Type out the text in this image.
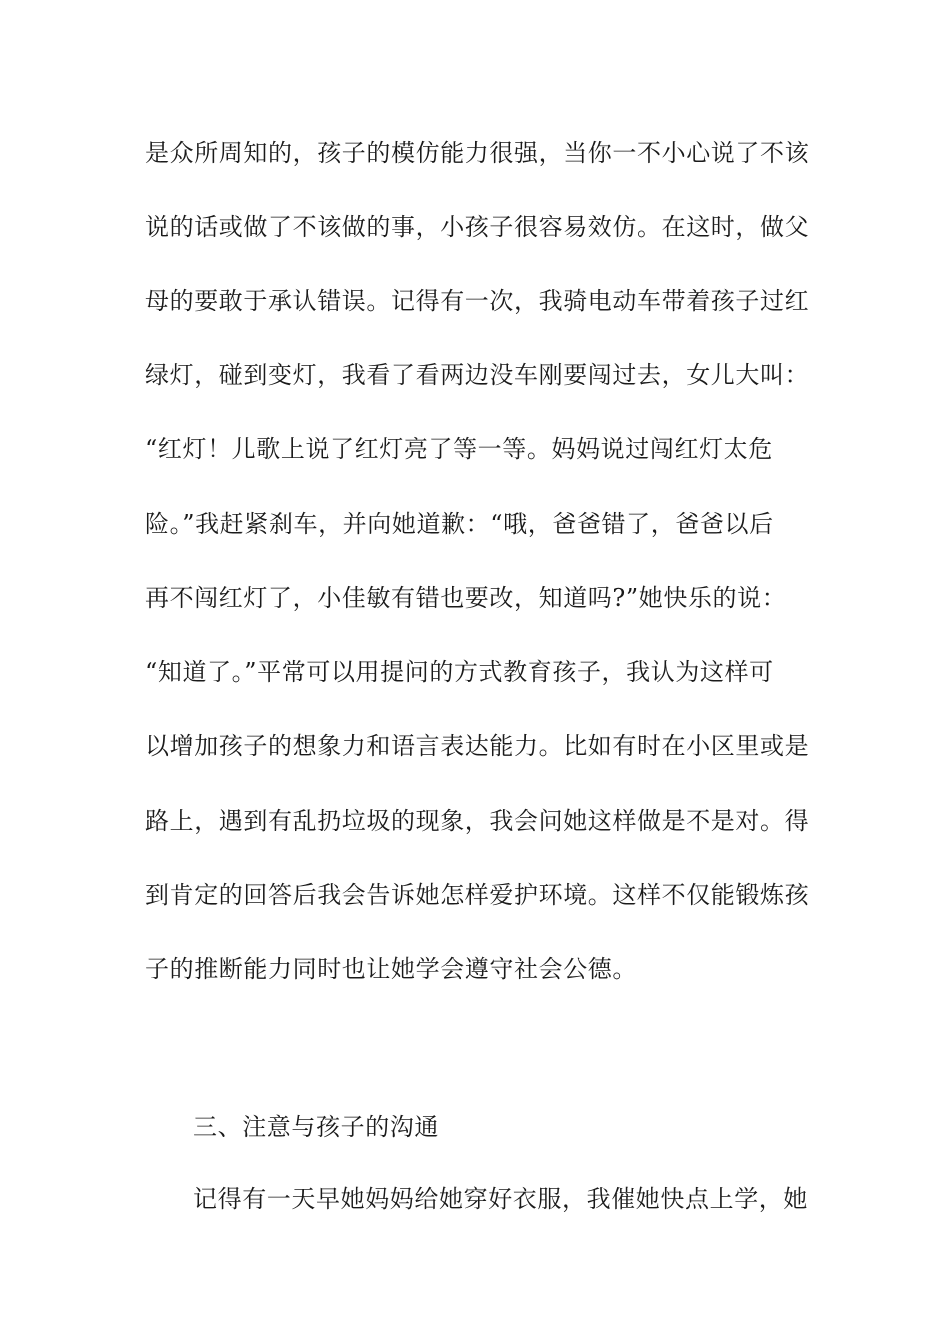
是众所周知的，孩子的模仿能力很强，当你一不小心说了不该
说的话或做了不该做的事，小孩子很容易效仿。在这时，做父
母的要敢于承认错误。记得有一次，我骑电动车带着孩子过红
绿灯，碰到变灯，我看了看两边没车刚要闯过去，女儿大叫：
“红灯！儿歌上说了红灯亮了等一等。妈妈说过闯红灯太危
险。”我赶紧刹车，并向她道歉：“哦，爸爸错了，爸爸以后
再不闯红灯了，小佳敏有错也要改，知道吗?”她快乐的说：
“知道了。”平常可以用提问的方式教育孩子，我认为这样可
以增加孩子的想象力和语言表达能力。比如有时在小区里或是
路上，遇到有乱扔垃圾的现象，我会问她这样做是不是对。得
到肯定的回答后我会告诉她怎样爱护环境。这样不仅能锻炼孩
子的推断能力同时也让她学会遵守社会公德。
三、注意与孩子的沟通
记得有一天早她妈妈给她穿好衣服，我催她快点上学，她
